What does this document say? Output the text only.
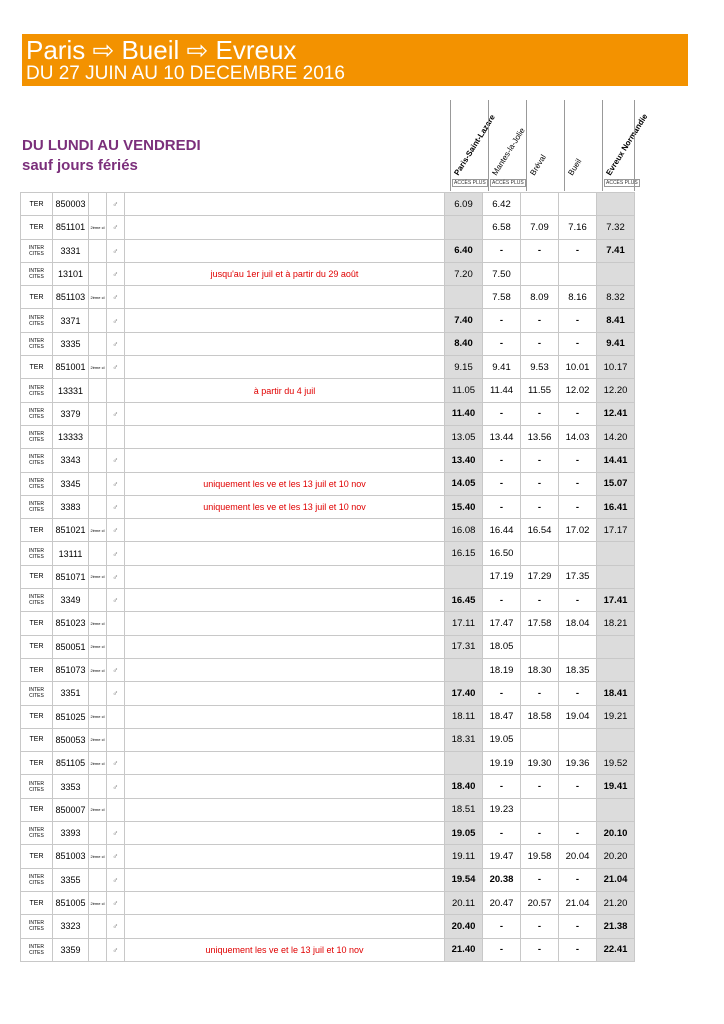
Paris ⇨ Bueil ⇨ Evreux
DU 27 JUIN AU 10 DECEMBRE 2016
DU LUNDI AU VENDREDI
sauf jours fériés	Paris-Saint-Lazare
ACCÈS PLUS
Mantes-la-Jolie
ACCÈS PLUS
Bréval Bueil	Evreux Normandie
ACCÈS PLUS
TER	850003		♂		6.09	6.42			
TER	851101	2ème cl	♂			6.58	7.09	7.16	7.32
INTER CITES	3331		♂		6.40	-	-	-	7.41
INTER CITES	13101		♂	jusqu'au 1er juil et à partir du 29 août	7.20	7.50			
TER	851103	2ème cl	♂			7.58	8.09	8.16	8.32
INTER CITES	3371		♂		7.40	-	-	-	8.41
INTER CITES	3335		♂		8.40	-	-	-	9.41
TER	851001	2ème cl	♂		9.15	9.41	9.53	10.01	10.17
INTER CITES	13331			à partir du 4 juil	11.05	11.44	11.55	12.02	12.20
INTER CITES	3379		♂		11.40	-	-	-	12.41
INTER CITES	13333				13.05	13.44	13.56	14.03	14.20
INTER CITES	3343		♂		13.40	-	-	-	14.41
INTER CITES	3345		♂	uniquement les ve et les 13 juil et 10 nov	14.05	-	-	-	15.07
INTER CITES	3383		♂	uniquement les ve et les 13 juil et 10 nov	15.40	-	-	-	16.41
TER	851021	2ème cl	♂		16.08	16.44	16.54	17.02	17.17
INTER CITES	13111		♂		16.15	16.50			
TER	851071	2ème cl	♂			17.19	17.29	17.35	
INTER CITES	3349		♂		16.45	-	-	-	17.41
TER	851023	2ème cl			17.11	17.47	17.58	18.04	18.21
TER	850051	2ème cl			17.31	18.05			
TER	851073	2ème cl	♂			18.19	18.30	18.35	
INTER CITES	3351		♂		17.40	-	-	-	18.41
TER	851025	2ème cl			18.11	18.47	18.58	19.04	19.21
TER	850053	2ème cl			18.31	19.05			
TER	851105	2ème cl	♂			19.19	19.30	19.36	19.52
INTER CITES	3353		♂		18.40	-	-	-	19.41
TER	850007	2ème cl			18.51	19.23			
INTER CITES	3393		♂		19.05	-	-	-	20.10
TER	851003	2ème cl	♂		19.11	19.47	19.58	20.04	20.20
INTER CITES	3355		♂		19.54	20.38	-	-	21.04
TER	851005	2ème cl	♂		20.11	20.47	20.57	21.04	21.20
INTER CITES	3323		♂		20.40	-	-	-	21.38
INTER CITES	3359		♂	uniquement les ve et le 13 juil et 10 nov	21.40	-	-	-	22.41
